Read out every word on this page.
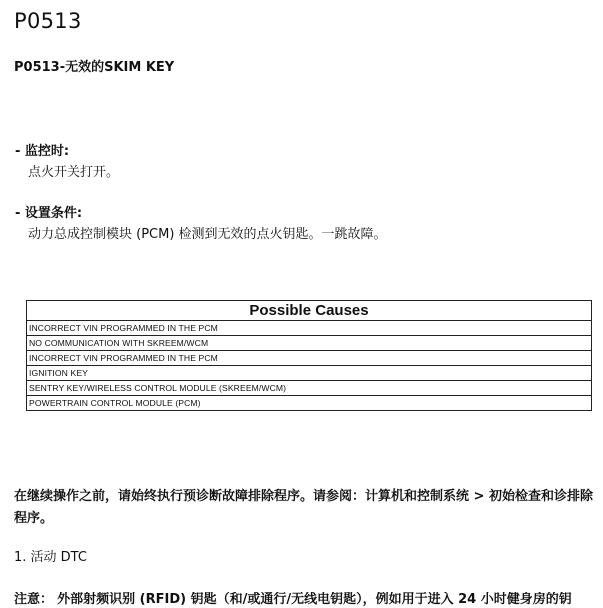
P0513

P0513-无效的SKIM KEY

- 监控时:
点火开关打开。
- 设置条件:
动力总成控制模块 (PCM) 检测到无效的点火钥匙。一跳故障。
Possible Causes
INCORRECT VIN PROGRAMMED IN THE PCM
NO COMMUNICATION WITH SKREEM/WCM
INCORRECT VIN PROGRAMMED IN THE PCM
IGNITION KEY
SENTRY KEY/WIRELESS CONTROL MODULE (SKREEM/WCM)
POWERTRAIN CONTROL MODULE (PCM)

在继续操作之前，请始终执行预诊断故障排除程序。请参阅：计算机和控制系统 > 初始检查和诊排除程序。

1. 活动 DTC

注意： 外部射频识别 (RFID) 钥匙（和/或通行/无线电钥匙），例如用于进入 24 小时健身房的钥
